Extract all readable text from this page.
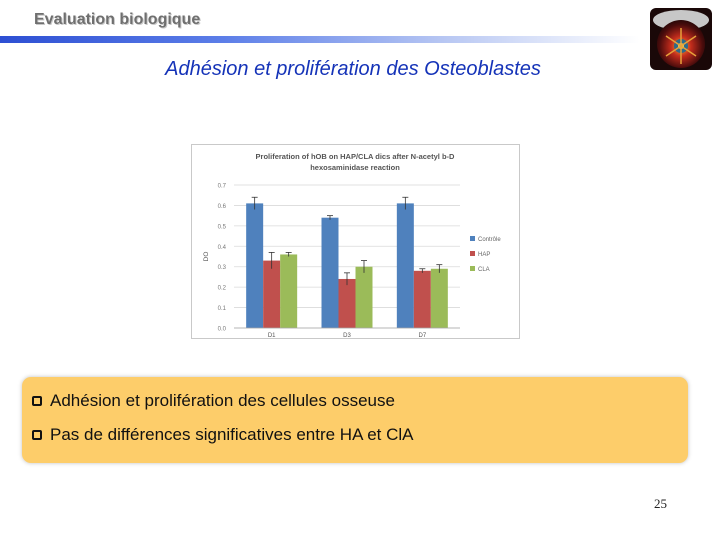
Evaluation biologique
Adhésion et prolifération des Osteoblastes
Proliferation of hOB on HAP/CLA dics after N-acetyl b-D
hexosaminidase reaction
0.0
0.1
0.2
0.3
0.4
0.5
0.6
0.7
DO
D1	D3	D7
Contrôle
HAP
CLA
Adhésion et prolifération des cellules osseuse
Pas de différences significatives entre HA et ClA
25
